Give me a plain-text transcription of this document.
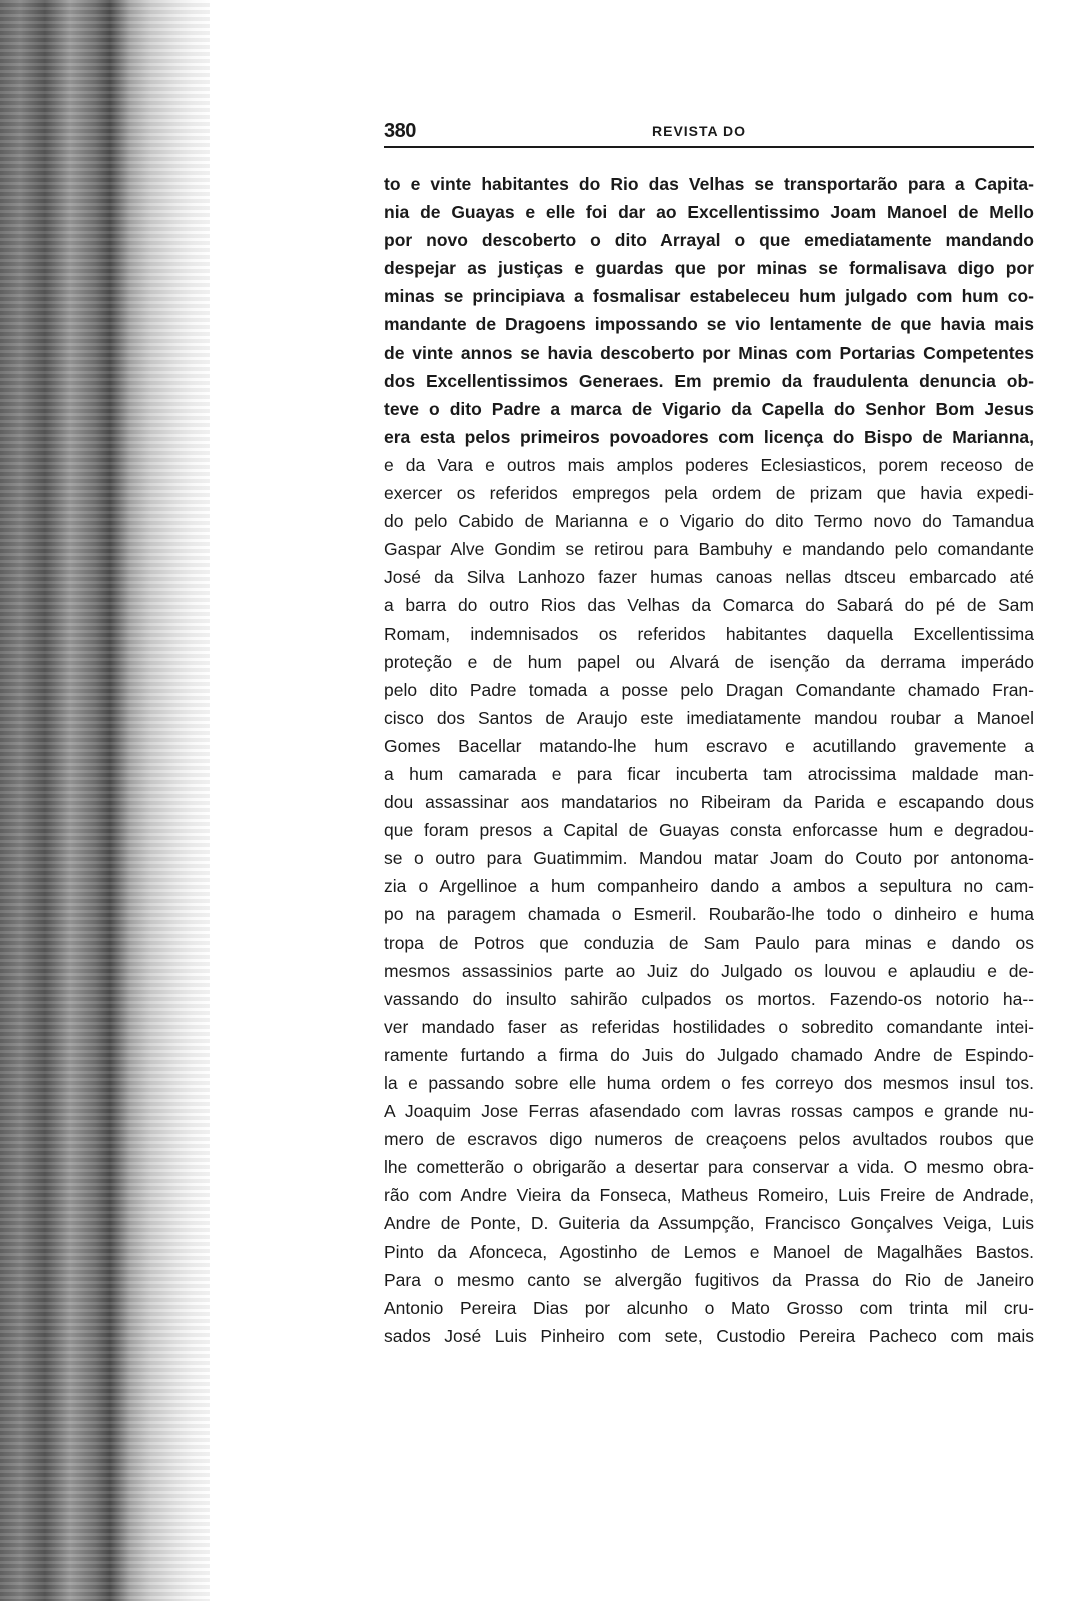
380	REVISTA DO
to e vinte habitantes do Rio das Velhas se transportarão para a Capita-
nia de Guayas e elle foi dar ao Excellentissimo Joam Manoel de Mello
por novo descoberto o dito Arrayal o que emediatamente mandando
despejar as justiças e guardas que por minas se formalisava digo por
minas se principiava a fosmalisar estabeleceu hum julgado com hum co-
mandante de Dragoens impossando se vio lentamente de que havia mais
de vinte annos se havia descoberto por Minas com Portarias Competentes
dos Excellentissimos Generaes. Em premio da fraudulenta denuncia ob-
teve o dito Padre a marca de Vigario da Capella do Senhor Bom Jesus
era esta pelos primeiros povoadores com licença do Bispo de Marianna,
e da Vara e outros mais amplos poderes Eclesiasticos, porem receoso de
exercer os referidos empregos pela ordem de prizam que havia expedi-
do pelo Cabido de Marianna e o Vigario do dito Termo novo do Tamandua
Gaspar Alve Gondim se retirou para Bambuhy e mandando pelo comandante
José da Silva Lanhozo fazer humas canoas nellas dtsceu embarcado até
a barra do outro Rios das Velhas da Comarca do Sabará do pé de Sam
Romam, indemnisados os referidos habitantes daquella Excellentissima
proteção e de hum papel ou Alvará de isenção da derrama imperádo
pelo dito Padre tomada a posse pelo Dragan Comandante chamado Fran-
cisco dos Santos de Araujo este imediatamente mandou roubar a Manoel
Gomes Bacellar matando-lhe hum escravo e acutillando gravemente a
a hum camarada e para ficar incuberta tam atrocissima maldade man-
dou assassinar aos mandatarios no Ribeiram da Parida e escapando dous
que foram presos a Capital de Guayas consta enforcasse hum e degradou-
se o outro para Guatimmim. Mandou matar Joam do Couto por antonoma-
zia o Argellinoe a hum companheiro dando a ambos a sepultura no cam-
po na paragem chamada o Esmeril. Roubarão-lhe todo o dinheiro e huma
tropa de Potros que conduzia de Sam Paulo para minas e dando os
mesmos assassinios parte ao Juiz do Julgado os louvou e aplaudiu e de-
vassando do insulto sahirão culpados os mortos. Fazendo-os notorio ha--
ver mandado faser as referidas hostilidades o sobredito comandante intei-
ramente furtando a firma do Juis do Julgado chamado Andre de Espindo-
la e passando sobre elle huma ordem o fes correyo dos mesmos insul tos.
A Joaquim Jose Ferras afasendado com lavras rossas campos e grande nu-
mero de escravos digo numeros de creaçoens pelos avultados roubos que
lhe cometterão o obrigarão a desertar para conservar a vida. O mesmo obra-
rão com Andre Vieira da Fonseca, Matheus Romeiro, Luis Freire de Andrade,
Andre de Ponte, D. Guiteria da Assumpção, Francisco Gonçalves Veiga, Luis
Pinto da Afonceca, Agostinho de Lemos e Manoel de Magalhães Bastos.
Para o mesmo canto se alvergão fugitivos da Prassa do Rio de Janeiro
Antonio Pereira Dias por alcunho o Mato Grosso com trinta mil cru-
sados José Luis Pinheiro com sete, Custodio Pereira Pacheco com mais
